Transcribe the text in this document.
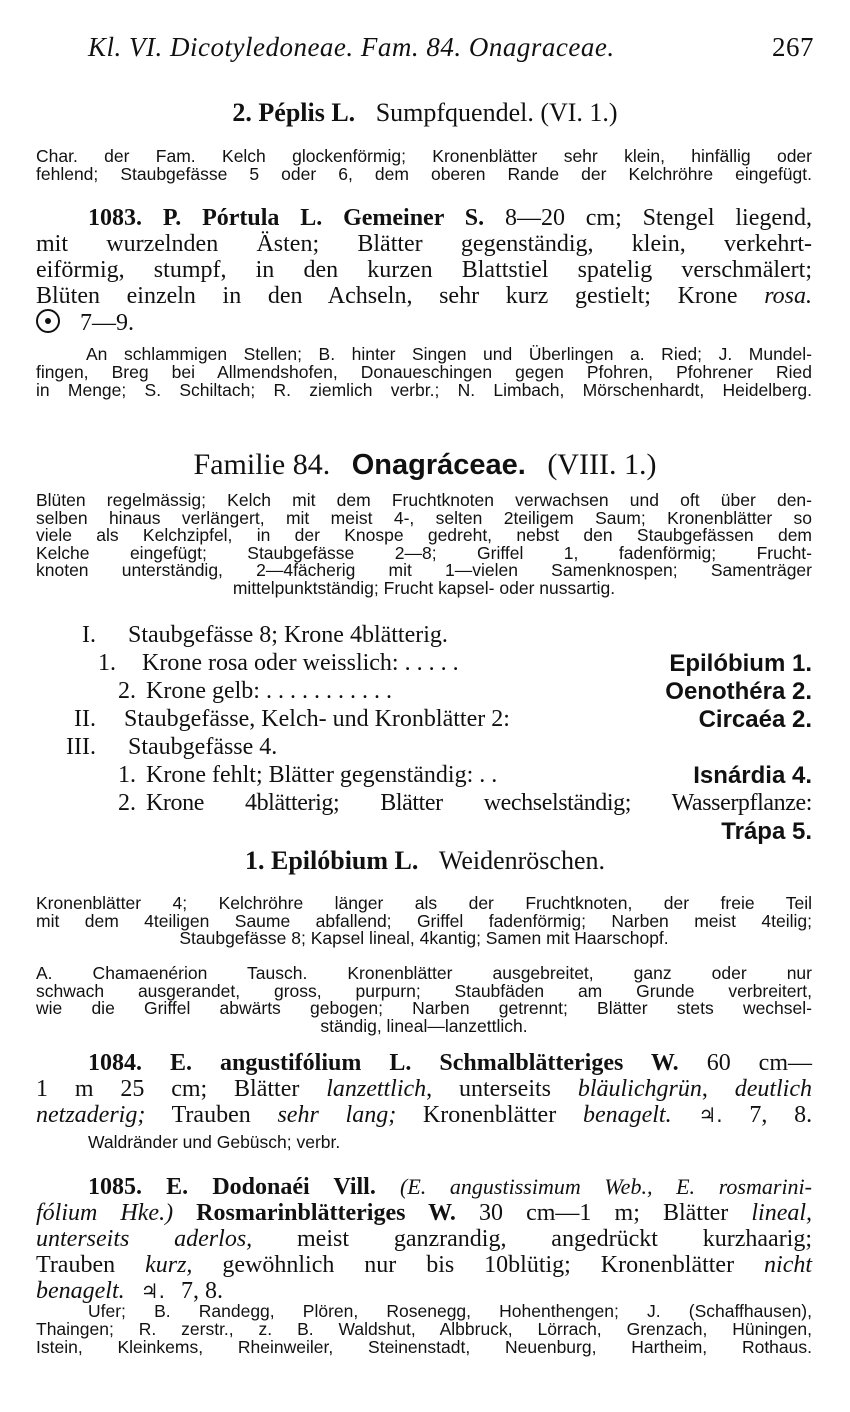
Kl. VI. Dicotyledoneae. Fam. 84. Onagraceae.	267
2. Péplis L. Sumpfquendel. (VI. 1.)
Char. der Fam. Kelch glockenförmig; Kronenblätter sehr klein, hinfällig oder
fehlend; Staubgefässe 5 oder 6, dem oberen Rande der Kelchröhre eingefügt.
1083. P. Pórtula L. Gemeiner S. 8—20 cm; Stengel liegend,
mit wurzelnden Ästen; Blätter gegenständig, klein, verkehrt-
eiförmig, stumpf, in den kurzen Blattstiel spatelig verschmälert;
Blüten einzeln in den Achseln, sehr kurz gestielt; Krone rosa.
7—9.
An schlammigen Stellen; B. hinter Singen und Überlingen a. Ried; J. Mundel-
fingen, Breg bei Allmendshofen, Donaueschingen gegen Pfohren, Pfohrener Ried
in Menge; S. Schiltach; R. ziemlich verbr.; N. Limbach, Mörschenhardt, Heidelberg.
Familie 84. Onagráceae. (VIII. 1.)
Blüten regelmässig; Kelch mit dem Fruchtknoten verwachsen und oft über den-
selben hinaus verlängert, mit meist 4-, selten 2teiligem Saum; Kronenblätter so
viele als Kelchzipfel, in der Knospe gedreht, nebst den Staubgefässen dem
Kelche eingefügt; Staubgefässe 2—8; Griffel 1, fadenförmig; Frucht-
knoten unterständig, 2—4fächerig mit 1—vielen Samenknospen; Samenträger
mittelpunktständig; Frucht kapsel- oder nussartig.
I. Staubgefässe 8; Krone 4blätterig.
1. Krone rosa oder weisslich: . . . . .	Epilóbium 1.
2. Krone gelb: . . . . . . . . . . .	Oenothéra 2.
II. Staubgefässe, Kelch- und Kronblätter 2:	Circaéa 2.
III. Staubgefässe 4.
1. Krone fehlt; Blätter gegenständig: . .	Isnárdia 4.
2. Krone 4blätterig; Blätter wechselständig; Wasserpflanze:
Trápa 5.
1. Epilóbium L. Weidenröschen.
Kronenblätter 4; Kelchröhre länger als der Fruchtknoten, der freie Teil
mit dem 4teiligen Saume abfallend; Griffel fadenförmig; Narben meist 4teilig;
Staubgefässe 8; Kapsel lineal, 4kantig; Samen mit Haarschopf.
A. Chamaenérion Tausch. Kronenblätter ausgebreitet, ganz oder nur
schwach ausgerandet, gross, purpurn; Staubfäden am Grunde verbreitert,
wie die Griffel abwärts gebogen; Narben getrennt; Blätter stets wechsel-
ständig, lineal—lanzettlich.
1084. E. angustifólium L. Schmalblätteriges W. 60 cm—
1 m 25 cm; Blätter lanzettlich, unterseits bläulichgrün, deutlich
netzaderig; Trauben sehr lang; Kronenblätter benagelt. ♃. 7, 8.
Waldränder und Gebüsch; verbr.
1085. E. Dodonaéi Vill. (E. angustissimum Web., E. rosmarini-
fólium Hke.) Rosmarinblätteriges W. 30 cm—1 m; Blätter lineal,
unterseits aderlos, meist ganzrandig, angedrückt kurzhaarig;
Trauben kurz, gewöhnlich nur bis 10blütig; Kronenblätter nicht
benagelt. ♃. 7, 8.
Ufer; B. Randegg, Plören, Rosenegg, Hohenthengen; J. (Schaffhausen),
Thaingen; R. zerstr., z. B. Waldshut, Albbruck, Lörrach, Grenzach, Hüningen,
Istein, Kleinkems, Rheinweiler, Steinenstadt, Neuenburg, Hartheim, Rothaus.
